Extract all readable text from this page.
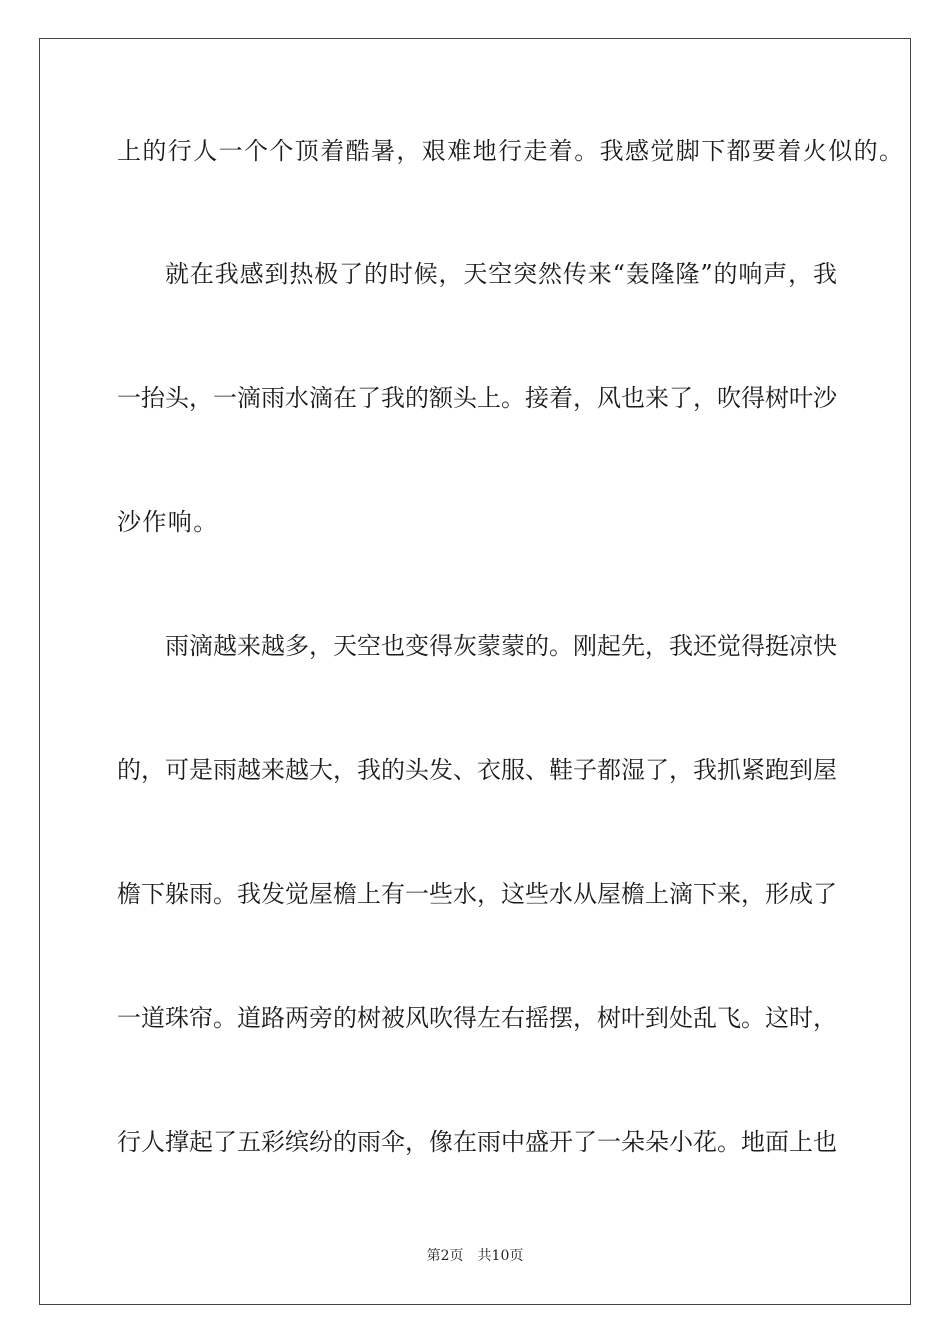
上的行人一个个顶着酷暑，艰难地行走着。我感觉脚下都要着火似的。
就在我感到热极了的时候，天空突然传来“轰隆隆”的响声，我
一抬头，一滴雨水滴在了我的额头上。接着，风也来了，吹得树叶沙
沙作响。
雨滴越来越多，天空也变得灰蒙蒙的。刚起先，我还觉得挺凉快
的，可是雨越来越大，我的头发、衣服、鞋子都湿了，我抓紧跑到屋
檐下躲雨。我发觉屋檐上有一些水，这些水从屋檐上滴下来，形成了
一道珠帘。道路两旁的树被风吹得左右摇摆，树叶到处乱飞。这时，
行人撑起了五彩缤纷的雨伞，像在雨中盛开了一朵朵小花。地面上也
第2页 共10页
